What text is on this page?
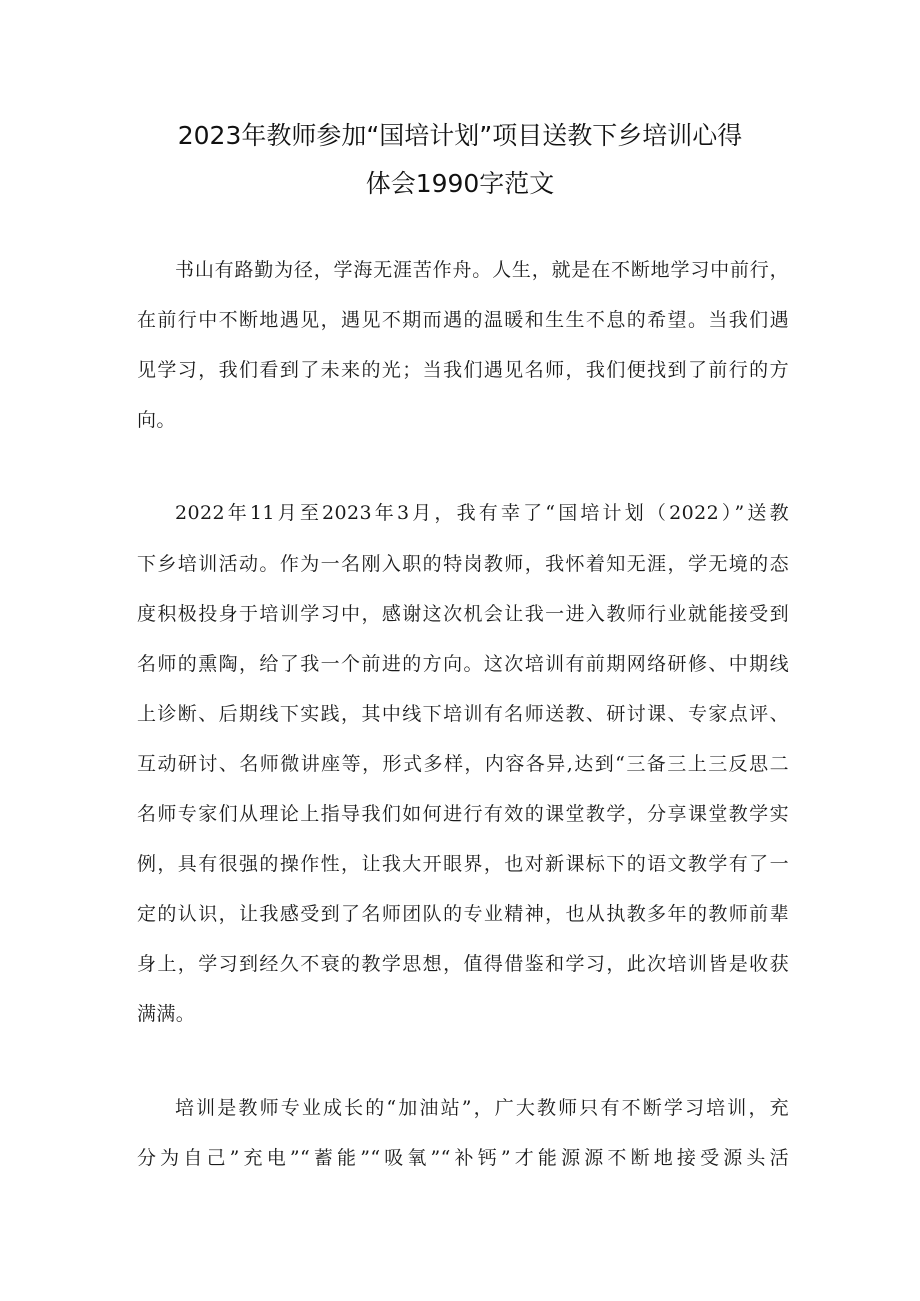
2023年教师参加“国培计划”项目送教下乡培训心得
体会1990字范文
书山有路勤为径，学海无涯苦作舟。人生，就是在不断地学习中前行，
在前行中不断地遇见，遇见不期而遇的温暖和生生不息的希望。当我们遇
见学习，我们看到了未来的光；当我们遇见名师，我们便找到了前行的方
向。
2022年11月至2023年3月，我有幸了“国培计划（2022）”送教
下乡培训活动。作为一名刚入职的特岗教师，我怀着知无涯，学无境的态
度积极投身于培训学习中，感谢这次机会让我一进入教师行业就能接受到
名师的熏陶，给了我一个前进的方向。这次培训有前期网络研修、中期线
上诊断、后期线下实践，其中线下培训有名师送教、研讨课、专家点评、
互动研讨、名师微讲座等，形式多样，内容各异,达到“三备三上三反思二
名师专家们从理论上指导我们如何进行有效的课堂教学，分享课堂教学实
例，具有很强的操作性，让我大开眼界，也对新课标下的语文教学有了一
定的认识，让我感受到了名师团队的专业精神，也从执教多年的教师前辈
身上，学习到经久不衰的教学思想，值得借鉴和学习，此次培训皆是收获
满满。
培训是教师专业成长的“加油站”，广大教师只有不断学习培训，充
分为自己”充电”“蓄能”“吸氧”“补钙”才能源源不断地接受源头活
